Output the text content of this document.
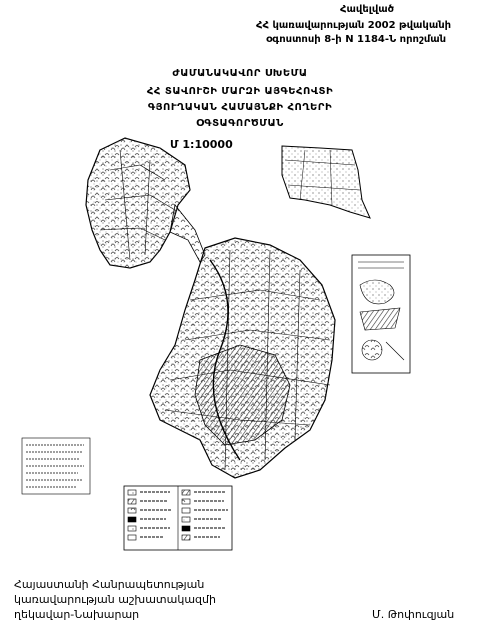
Հավելված
ՀՀ կառավարության 2002 թվականի
օգոստոսի 8-ի N 1184-Ն որոշման
ԺԱՄԱՆԱԿԱՎՈՐ ՍԽԵՄԱ
ՀՀ ՏԱՎՈՒՇԻ ՄԱՐԶԻ ԱՅԳԵՀՈՎՏԻ
ԳՅՈՒՂԱԿԱՆ ՀԱՄԱՅՆՔԻ ՀՈՂԵՐԻ
ՕԳՏԱԳՈՐԾՄԱՆ
Մ 1:10000
Հայաստանի Հանրապետության
կառավարության աշխատակազմի
ղեկավար-Նախարար	Մ. Թոփուզյան
